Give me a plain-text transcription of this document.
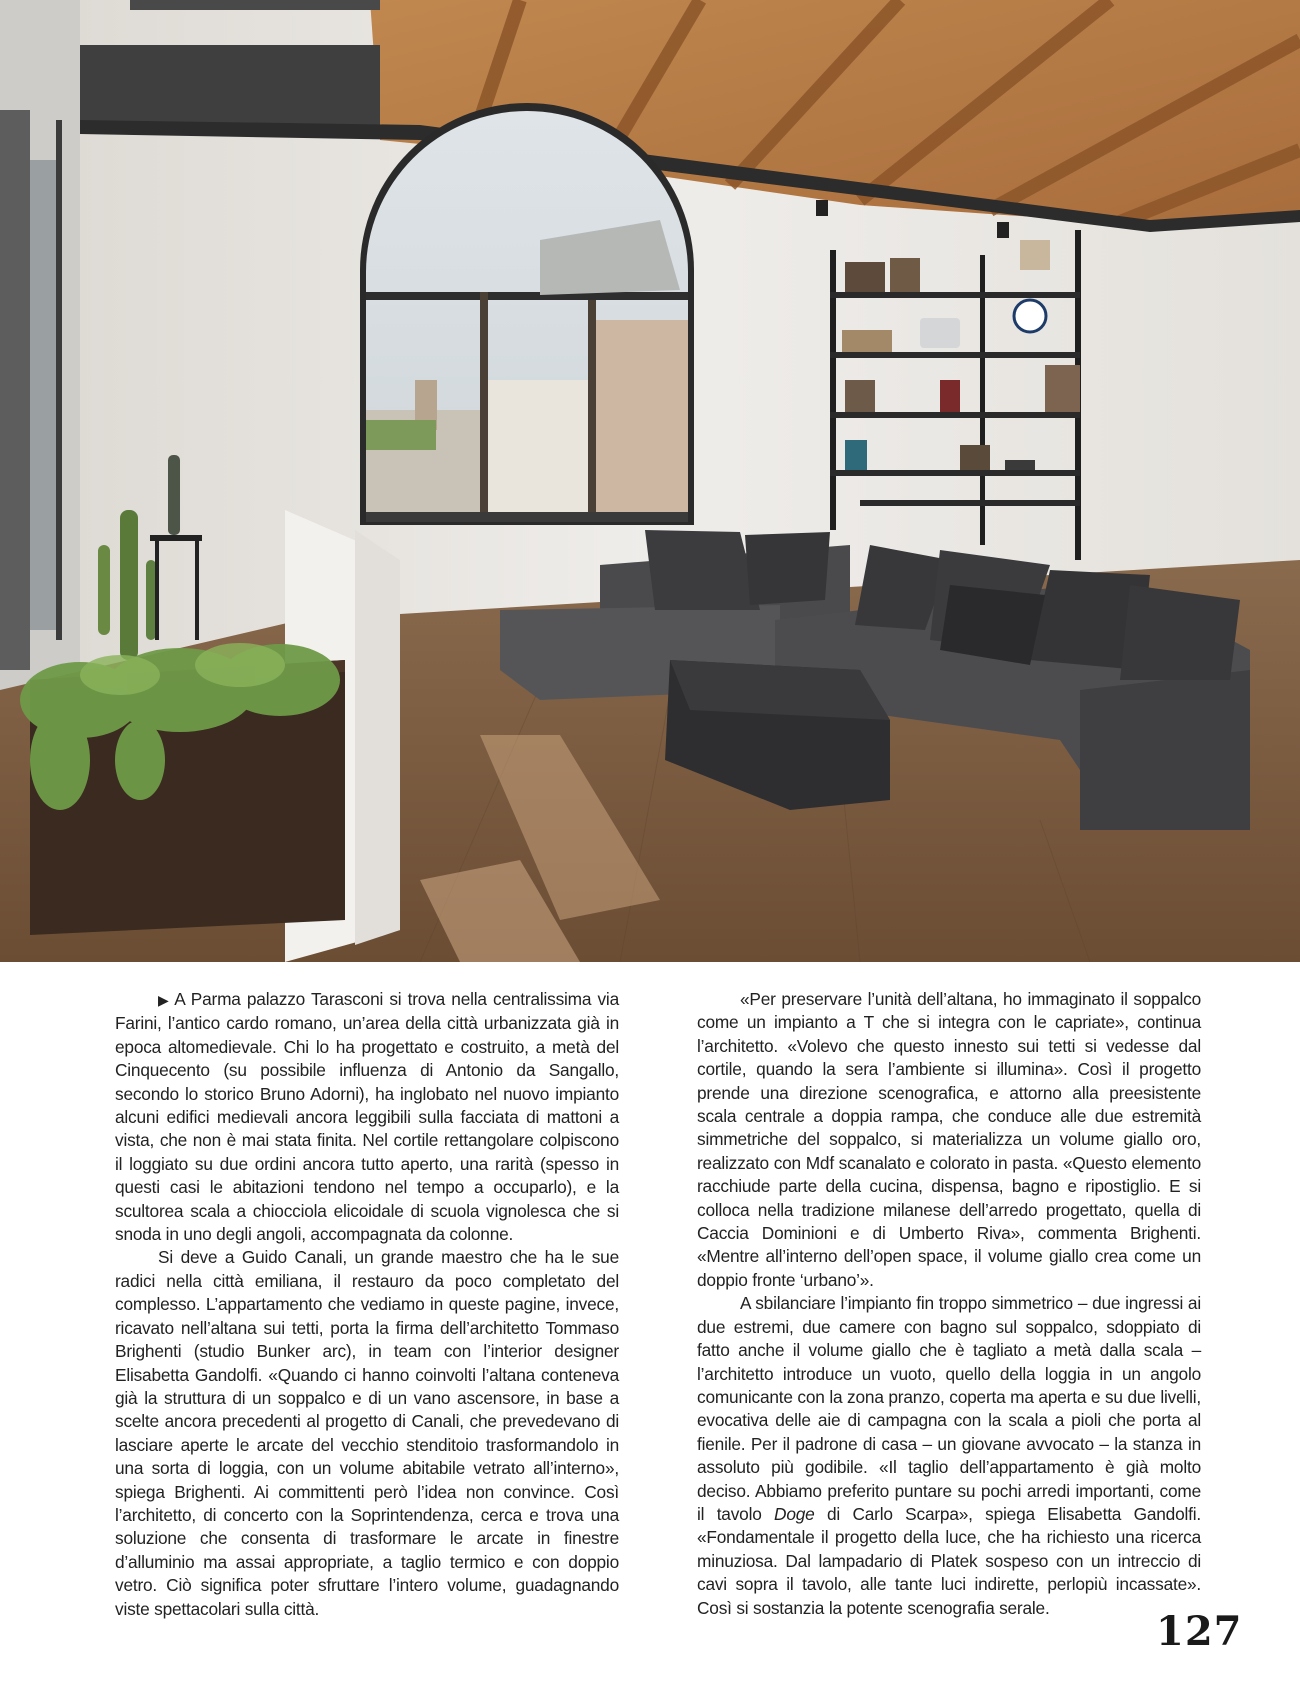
▶ A Parma palazzo Tarasconi si trova nella centralissima via Farini, l’antico cardo romano, un’area della città urbanizzata già in epoca altomedievale. Chi lo ha progettato e costruito, a metà del Cinquecento (su possibile influenza di Antonio da Sangallo, secondo lo storico Bruno Adorni), ha inglobato nel nuovo impianto alcuni edifici medievali ancora leggibili sulla facciata di mattoni a vista, che non è mai stata finita. Nel cortile rettangolare colpiscono il loggiato su due ordini ancora tutto aperto, una rarità (spesso in questi casi le abitazioni tendono nel tempo a occuparlo), e la scultorea scala a chiocciola elicoidale di scuola vignolesca che si snoda in uno degli angoli, accompagnata da colonne.

Si deve a Guido Canali, un grande maestro che ha le sue radici nella città emiliana, il restauro da poco completato del complesso. L’appartamento che vediamo in queste pagine, invece, ricavato nell’altana sui tetti, porta la firma dell’architetto Tommaso Brighenti (studio Bunker arc), in team con l’interior designer Elisabetta Gandolfi. «Quando ci hanno coinvolti l’altana conteneva già la struttura di un soppalco e di un vano ascensore, in base a scelte ancora precedenti al progetto di Canali, che prevedevano di lasciare aperte le arcate del vecchio stenditoio trasformandolo in una sorta di loggia, con un volume abitabile vetrato all’interno», spiega Brighenti. Ai committenti però l’idea non convince. Così l’architetto, di concerto con la Soprintendenza, cerca e trova una soluzione che consenta di trasformare le arcate in finestre d’alluminio ma assai appropriate, a taglio termico e con doppio vetro. Ciò significa poter sfruttare l’intero volume, guadagnando viste spettacolari sulla città.

«Per preservare l’unità dell’altana, ho immaginato il soppalco come un impianto a T che si integra con le capriate», continua l’architetto. «Volevo che questo innesto sui tetti si vedesse dal cortile, quando la sera l’ambiente si illumina». Così il progetto prende una direzione scenografica, e attorno alla preesistente scala centrale a doppia rampa, che conduce alle due estremità simmetriche del soppalco, si materializza un volume giallo oro, realizzato con Mdf scanalato e colorato in pasta. «Questo elemento racchiude parte della cucina, dispensa, bagno e ripostiglio. E si colloca nella tradizione milanese dell’arredo progettato, quella di Caccia Dominioni e di Umberto Riva», commenta Brighenti. «Mentre all’interno dell’open space, il volume giallo crea come un doppio fronte ‘urbano’».

A sbilanciare l’impianto fin troppo simmetrico – due ingressi ai due estremi, due camere con bagno sul soppalco, sdoppiato di fatto anche il volume giallo che è tagliato a metà dalla scala – l’architetto introduce un vuoto, quello della loggia in un angolo comunicante con la zona pranzo, coperta ma aperta e su due livelli, evocativa delle aie di campagna con la scala a pioli che porta al fienile. Per il padrone di casa – un giovane avvocato – la stanza in assoluto più godibile. «Il taglio dell’appartamento è già molto deciso. Abbiamo preferito puntare su pochi arredi importanti, come il tavolo Doge di Carlo Scarpa», spiega Elisabetta Gandolfi. «Fondamentale il progetto della luce, che ha richiesto una ricerca minuziosa. Dal lampadario di Platek sospeso con un intreccio di cavi sopra il tavolo, alle tante luci indirette, perlopiù incassate». Così si sostanzia la potente scenografia serale.

127
